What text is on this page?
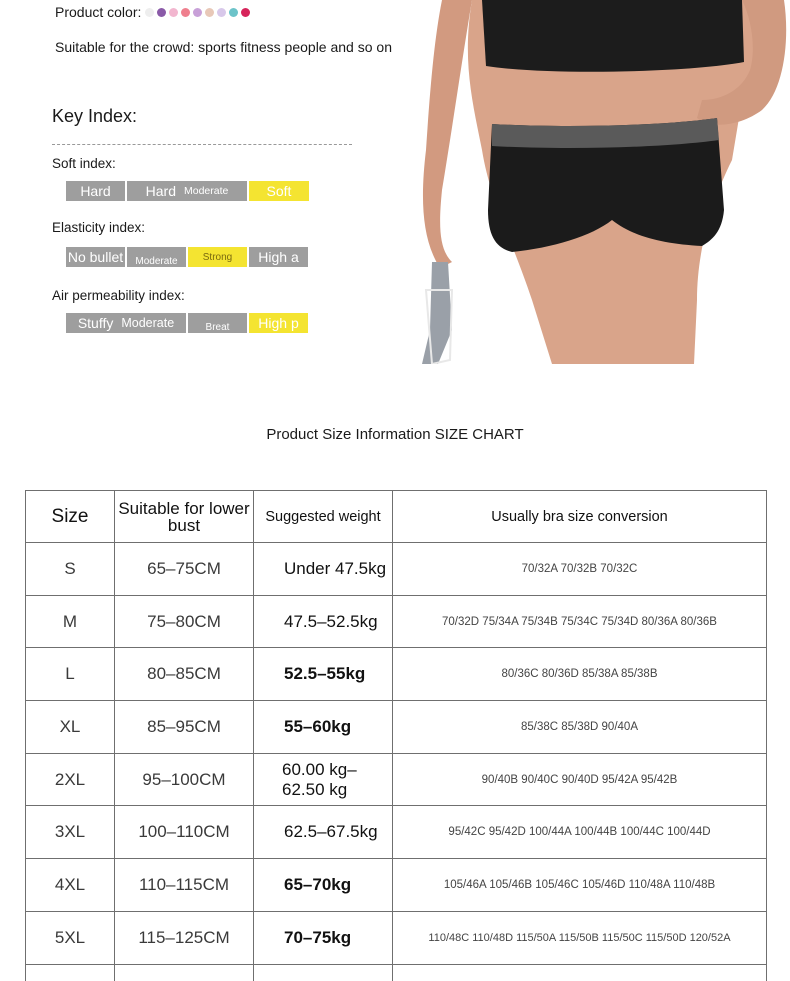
Product color:
Suitable for the crowd: sports fitness people and so on
Key Index:
Soft index:
Hard Hard Moderate	Soft
Elasticity index:
No bullet Moderate	Strong High a
Air permeability index:
Stuffy Moderate	Breat High p
Product Size Information SIZE CHART
Size	Suitable for lower bust	Suggested weight	Usually bra size conversion
S	65–75CM	Under 47.5kg	70/32A 70/32B 70/32C
M	75–80CM	47.5–52.5kg	70/32D 75/34A 75/34B 75/34C 75/34D 80/36A 80/36B
L	80–85CM	52.5–55kg	80/36C 80/36D 85/38A 85/38B
XL	85–95CM	55–60kg	85/38C 85/38D 90/40A
2XL	95–100CM	60.00 kg–62.50 kg	90/40B 90/40C 90/40D 95/42A 95/42B
3XL	100–110CM	62.5–67.5kg	95/42C 95/42D 100/44A 100/44B 100/44C 100/44D
4XL	110–115CM	65–70kg	105/46A 105/46B 105/46C 105/46D 110/48A 110/48B
5XL	115–125CM	70–75kg	110/48C 110/48D 115/50A 115/50B 115/50C 115/50D 120/52A
